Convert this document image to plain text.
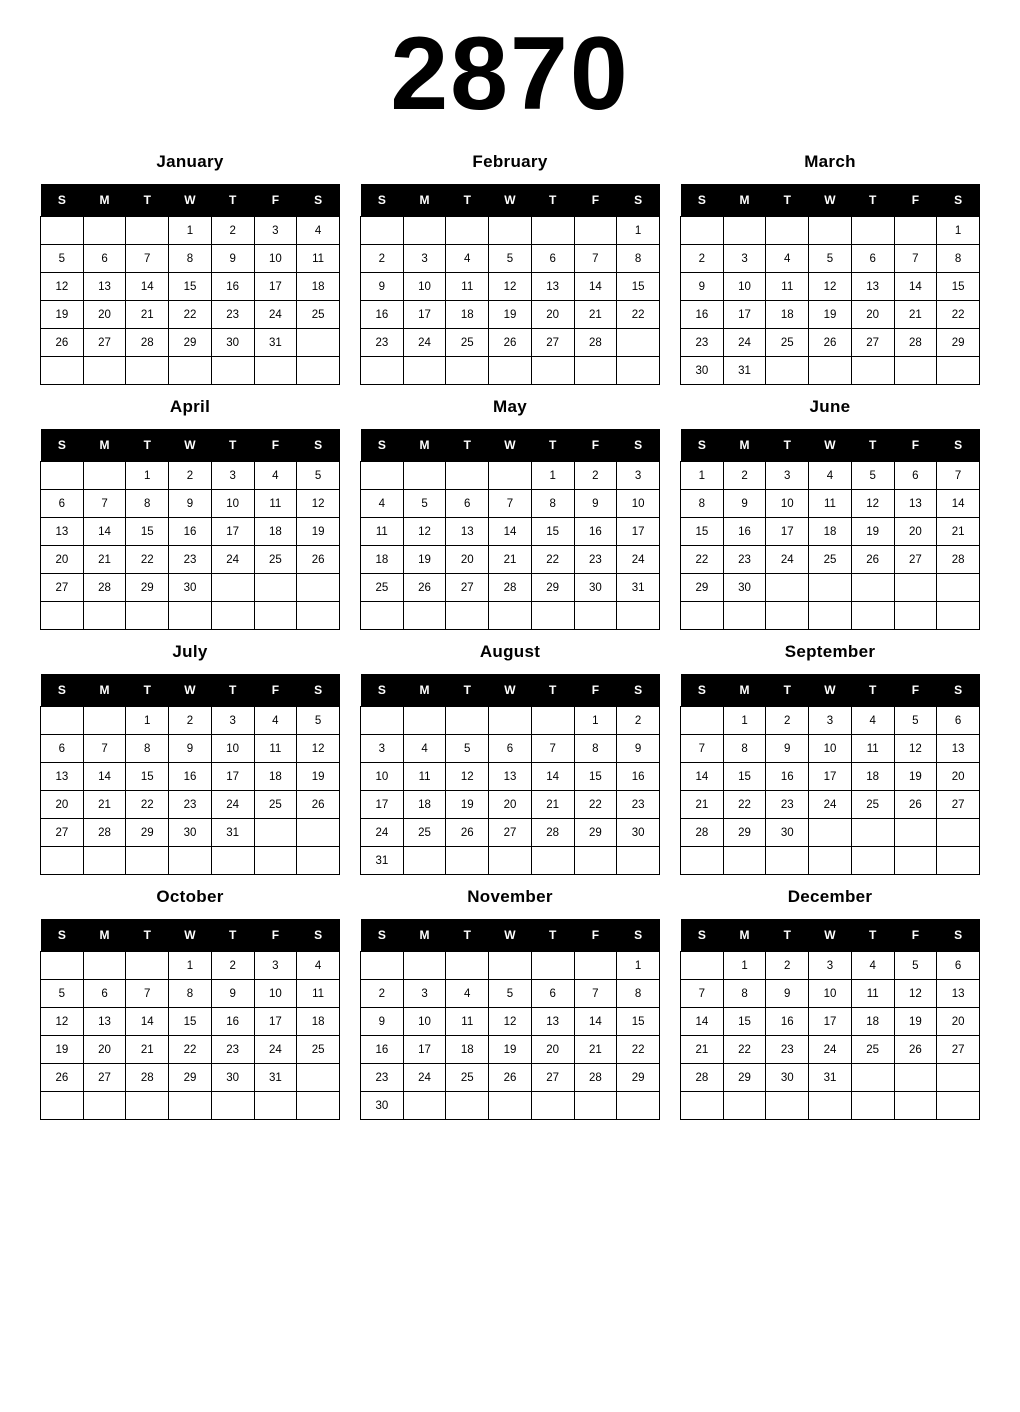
2870
January
S	M	T	W	T	F	S
			1	2	3	4
5	6	7	8	9	10	11
12	13	14	15	16	17	18
19	20	21	22	23	24	25
26	27	28	29	30	31	

February
S	M	T	W	T	F	S
						1
2	3	4	5	6	7	8
9	10	11	12	13	14	15
16	17	18	19	20	21	22
23	24	25	26	27	28	

March
S	M	T	W	T	F	S
						1
2	3	4	5	6	7	8
9	10	11	12	13	14	15
16	17	18	19	20	21	22
23	24	25	26	27	28	29
30	31					
April
S	M	T	W	T	F	S
		1	2	3	4	5
6	7	8	9	10	11	12
13	14	15	16	17	18	19
20	21	22	23	24	25	26
27	28	29	30			

May
S	M	T	W	T	F	S
				1	2	3
4	5	6	7	8	9	10
11	12	13	14	15	16	17
18	19	20	21	22	23	24
25	26	27	28	29	30	31

June
S	M	T	W	T	F	S
1	2	3	4	5	6	7
8	9	10	11	12	13	14
15	16	17	18	19	20	21
22	23	24	25	26	27	28
29	30					

July
S	M	T	W	T	F	S
		1	2	3	4	5
6	7	8	9	10	11	12
13	14	15	16	17	18	19
20	21	22	23	24	25	26
27	28	29	30	31		

August
S	M	T	W	T	F	S
					1	2
3	4	5	6	7	8	9
10	11	12	13	14	15	16
17	18	19	20	21	22	23
24	25	26	27	28	29	30
31						
September
S	M	T	W	T	F	S
	1	2	3	4	5	6
7	8	9	10	11	12	13
14	15	16	17	18	19	20
21	22	23	24	25	26	27
28	29	30				

October
S	M	T	W	T	F	S
			1	2	3	4
5	6	7	8	9	10	11
12	13	14	15	16	17	18
19	20	21	22	23	24	25
26	27	28	29	30	31	

November
S	M	T	W	T	F	S
						1
2	3	4	5	6	7	8
9	10	11	12	13	14	15
16	17	18	19	20	21	22
23	24	25	26	27	28	29
30						
December
S	M	T	W	T	F	S
	1	2	3	4	5	6
7	8	9	10	11	12	13
14	15	16	17	18	19	20
21	22	23	24	25	26	27
28	29	30	31			
